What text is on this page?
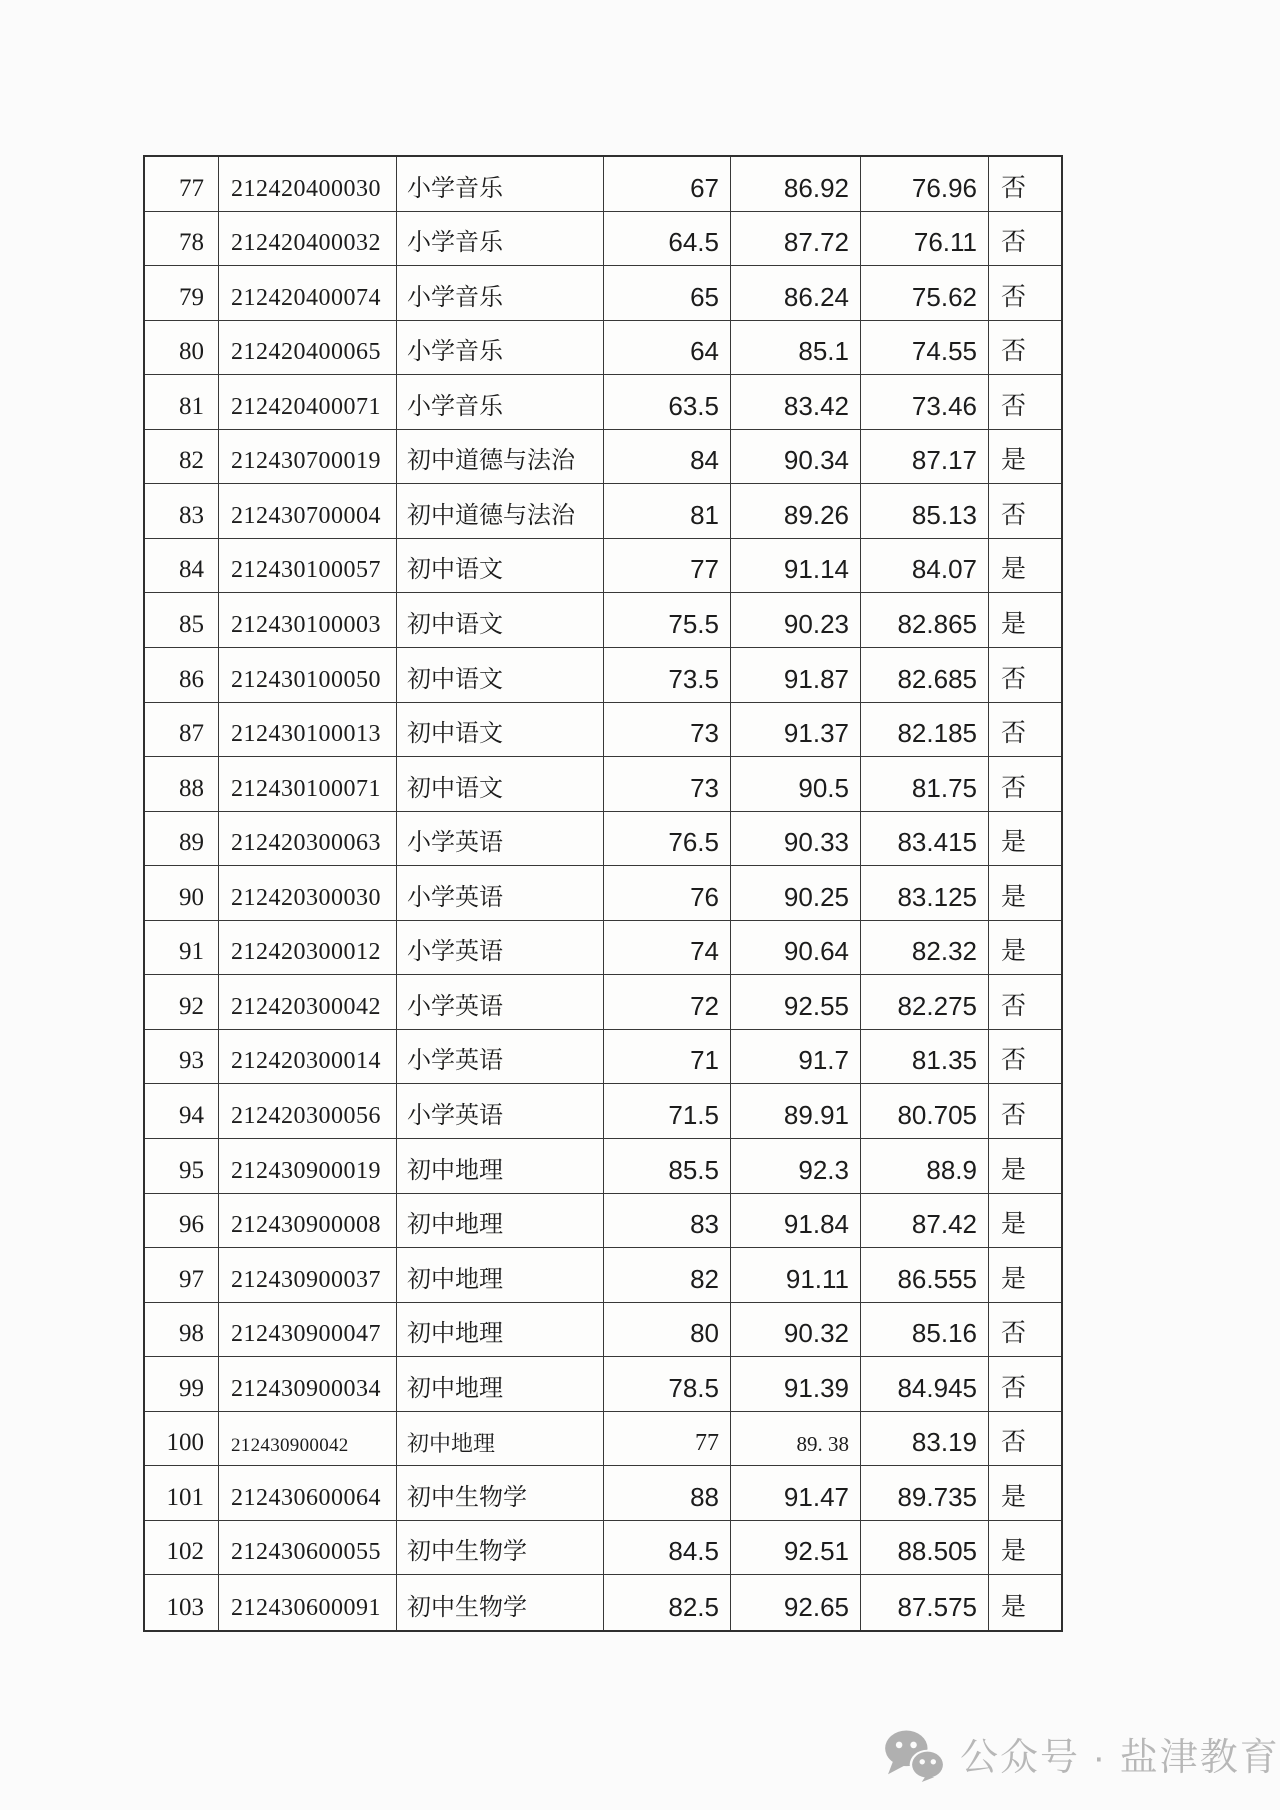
77	212420400030	小学音乐	67	86.92	76.96 否
78	212420400032	小学音乐	64.5	87.72	76.11 否
79	212420400074	小学音乐	65	86.24	75.62 否
80	212420400065	小学音乐	64	85.1	74.55 否
81	212420400071	小学音乐	63.5	83.42	73.46 否
82	212430700019	初中道德与法治	84	90.34	87.17 是
83	212430700004	初中道德与法治	81	89.26	85.13 否
84	212430100057	初中语文	77	91.14	84.07 是
85	212430100003	初中语文	75.5	90.23	82.865 是
86	212430100050	初中语文	73.5	91.87	82.685 否
87	212430100013	初中语文	73	91.37	82.185 否
88	212430100071	初中语文	73	90.5	81.75 否
89	212420300063	小学英语	76.5	90.33	83.415 是
90	212420300030	小学英语	76	90.25	83.125 是
91	212420300012	小学英语	74	90.64	82.32 是
92	212420300042	小学英语	72	92.55	82.275 否
93	212420300014	小学英语	71	91.7	81.35 否
94	212420300056	小学英语	71.5	89.91	80.705 否
95	212430900019	初中地理	85.5	92.3	88.9 是
96	212430900008	初中地理	83	91.84	87.42 是
97	212430900037	初中地理	82	91.11	86.555 是
98	212430900047	初中地理	80	90.32	85.16 否
99	212430900034	初中地理	78.5	91.39	84.945 否
100	212430900042	初中地理	77	89. 38	83.19 否
101	212430600064	初中生物学	88	91.47	89.735 是
102	212430600055	初中生物学	84.5	92.51	88.505 是
103	212430600091	初中生物学	82.5	92.65	87.575 是
公众号 · 盐津教育
